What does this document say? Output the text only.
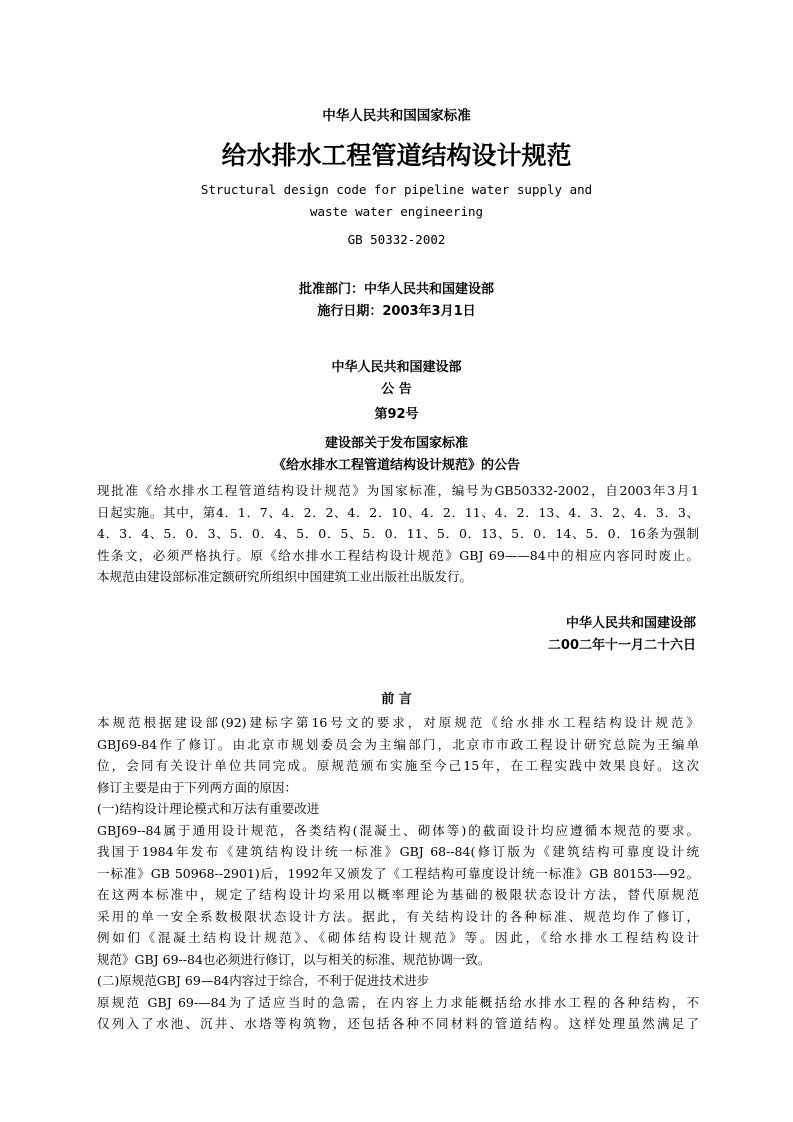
中华人民共和国国家标准
给水排水工程管道结构设计规范
Structural design code for pipeline water supply and
waste water engineering
GB 50332-2002
批准部门：中华人民共和国建设部
施行日期：2003年3月1日
中华人民共和国建设部
公 告
第92号
建设部关于发布国家标准
《给水排水工程管道结构设计规范》的公告
现批准《给水排水工程管道结构设计规范》为国家标准，编号为GB50332-2002，自2003年3月1
日起实施。其中，第4．1．7、4．2．2、4．2．10、4．2．11、4．2．13、4．3．2、4．3．3、
4．3．4、5．0．3、5．0．4、5．0．5、5．0．11、5．0．13、5．0．14、5．0．16条为强制
性条文，必须严格执行。原《给水排水工程结构设计规范》GBJ 69——84中的相应内容同时废止。
本规范由建设部标准定额研究所组织中国建筑工业出版社出版发行。
中华人民共和国建设部
二00二年十一月二十六日
前 言
本规范根据建设部(92)建标字第16号文的要求，对原规范《给水排水工程结构设计规范》
GBJ69-84作了修订。由北京市规划委员会为主编部门，北京市市政工程设计研究总院为王编单
位，会同有关设计单位共同完成。原规范颁布实施至今己15年，在工程实践中效果良好。这次
修订主要是由于下列两方面的原因：
(一)结构设计理论模式和万法有重要改进
GBJ69--84属于通用设计规范，各类结构(混凝土、砌体等)的截面设计均应遵循本规范的要求。
我国于1984年发布《建筑结构设计统一标准》GBJ 68--84(修订版为《建筑结构可靠度设计统
一标准》GB 50968--2901)后，1992年又颁发了《工程结构可靠度设计统一标准》GB 80153-—92。
在这两本标准中，规定了结构设计均采用以概率理论为基础的极限状态设计方法，替代原规范
采用的单一安全系数极限状态设计方法。据此，有关结构设计的各种标准、规范均作了修订，
例如们《混凝土结构设计规范》、《砌体结构设计规范》等。因此，《给水排水工程结构设计
规范》GBJ 69--84也必须进行修订，以与相关的标准、规范协调一致。
(二)原规范GBJ 69—84内容过于综合，不利于促进技术进步
原规范 GBJ 69-—84为了适应当时的急需，在内容上力求能概括给水排水工程的各种结构，不
仅列入了水池、沉井、水塔等构筑物，还包括各种不同材料的管道结构。这样处理虽然满足了
